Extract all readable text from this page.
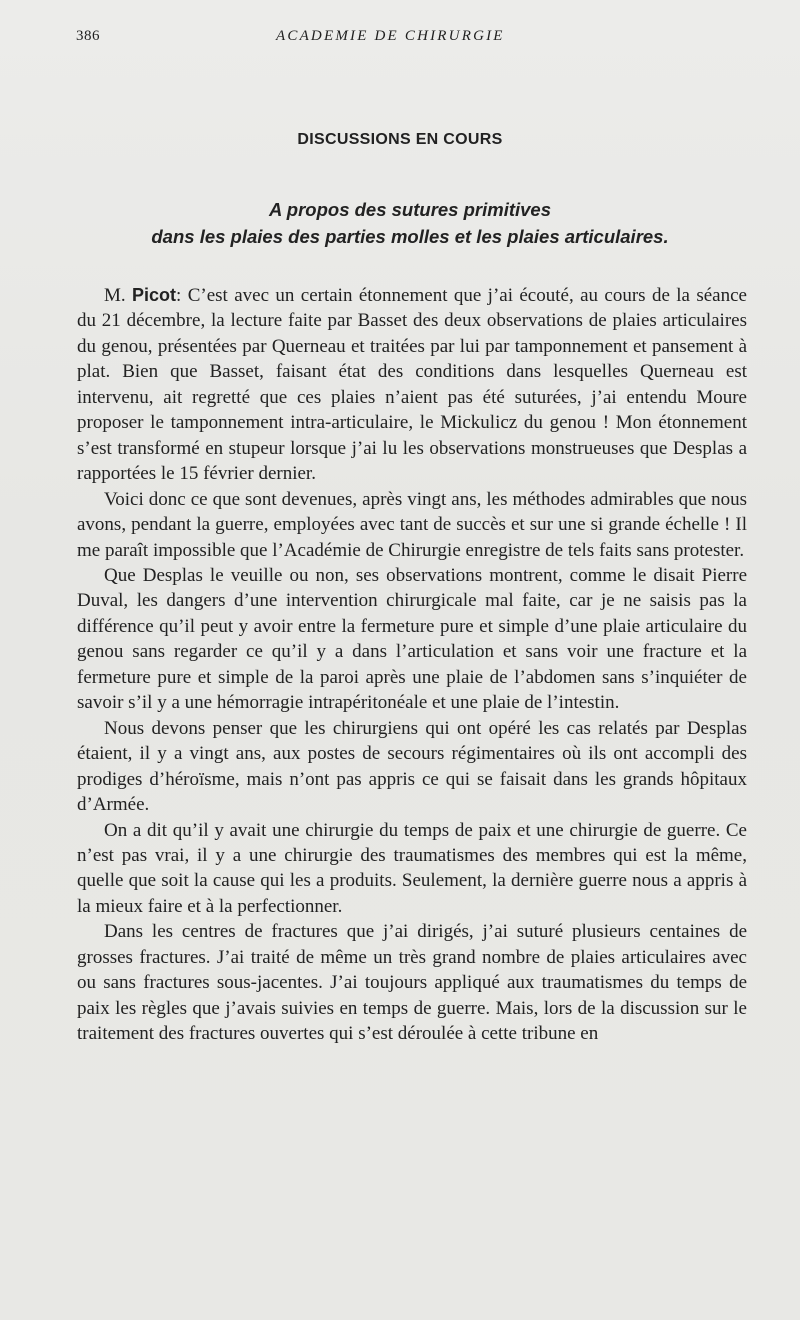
386	ACADEMIE DE CHIRURGIE
DISCUSSIONS EN COURS
A propos des sutures primitives
dans les plaies des parties molles et les plaies articulaires.

M. Picot: C’est avec un certain étonnement que j’ai écouté, au cours de la séance du 21 décembre, la lecture faite par Basset des deux observations de plaies articulaires du genou, présentées par Querneau et traitées par lui par tamponnement et pansement à plat. Bien que Basset, faisant état des conditions dans lesquelles Querneau est intervenu, ait regretté que ces plaies n’aient pas été suturées, j’ai entendu Moure proposer le tamponnement intra-articulaire, le Mickulicz du genou ! Mon étonnement s’est transformé en stupeur lorsque j’ai lu les observations monstrueuses que Desplas a rapportées le 15 février dernier.

Voici donc ce que sont devenues, après vingt ans, les méthodes admirables que nous avons, pendant la guerre, employées avec tant de succès et sur une si grande échelle ! Il me paraît impossible que l’Académie de Chirurgie enregistre de tels faits sans protester.

Que Desplas le veuille ou non, ses observations montrent, comme le disait Pierre Duval, les dangers d’une intervention chirurgicale mal faite, car je ne saisis pas la différence qu’il peut y avoir entre la fermeture pure et simple d’une plaie articulaire du genou sans regarder ce qu’il y a dans l’articulation et sans voir une fracture et la fermeture pure et simple de la paroi après une plaie de l’abdomen sans s’inquiéter de savoir s’il y a une hémorragie intrapéritonéale et une plaie de l’intestin.

Nous devons penser que les chirurgiens qui ont opéré les cas relatés par Desplas étaient, il y a vingt ans, aux postes de secours régimentaires où ils ont accompli des prodiges d’héroïsme, mais n’ont pas appris ce qui se faisait dans les grands hôpitaux d’Armée.

On a dit qu’il y avait une chirurgie du temps de paix et une chirurgie de guerre. Ce n’est pas vrai, il y a une chirurgie des traumatismes des membres qui est la même, quelle que soit la cause qui les a produits. Seulement, la dernière guerre nous a appris à la mieux faire et à la perfectionner.

Dans les centres de fractures que j’ai dirigés, j’ai suturé plusieurs centaines de grosses fractures. J’ai traité de même un très grand nombre de plaies articulaires avec ou sans fractures sous-jacentes. J’ai toujours appliqué aux traumatismes du temps de paix les règles que j’avais suivies en temps de guerre. Mais, lors de la discussion sur le traitement des fractures ouvertes qui s’est déroulée à cette tribune en
